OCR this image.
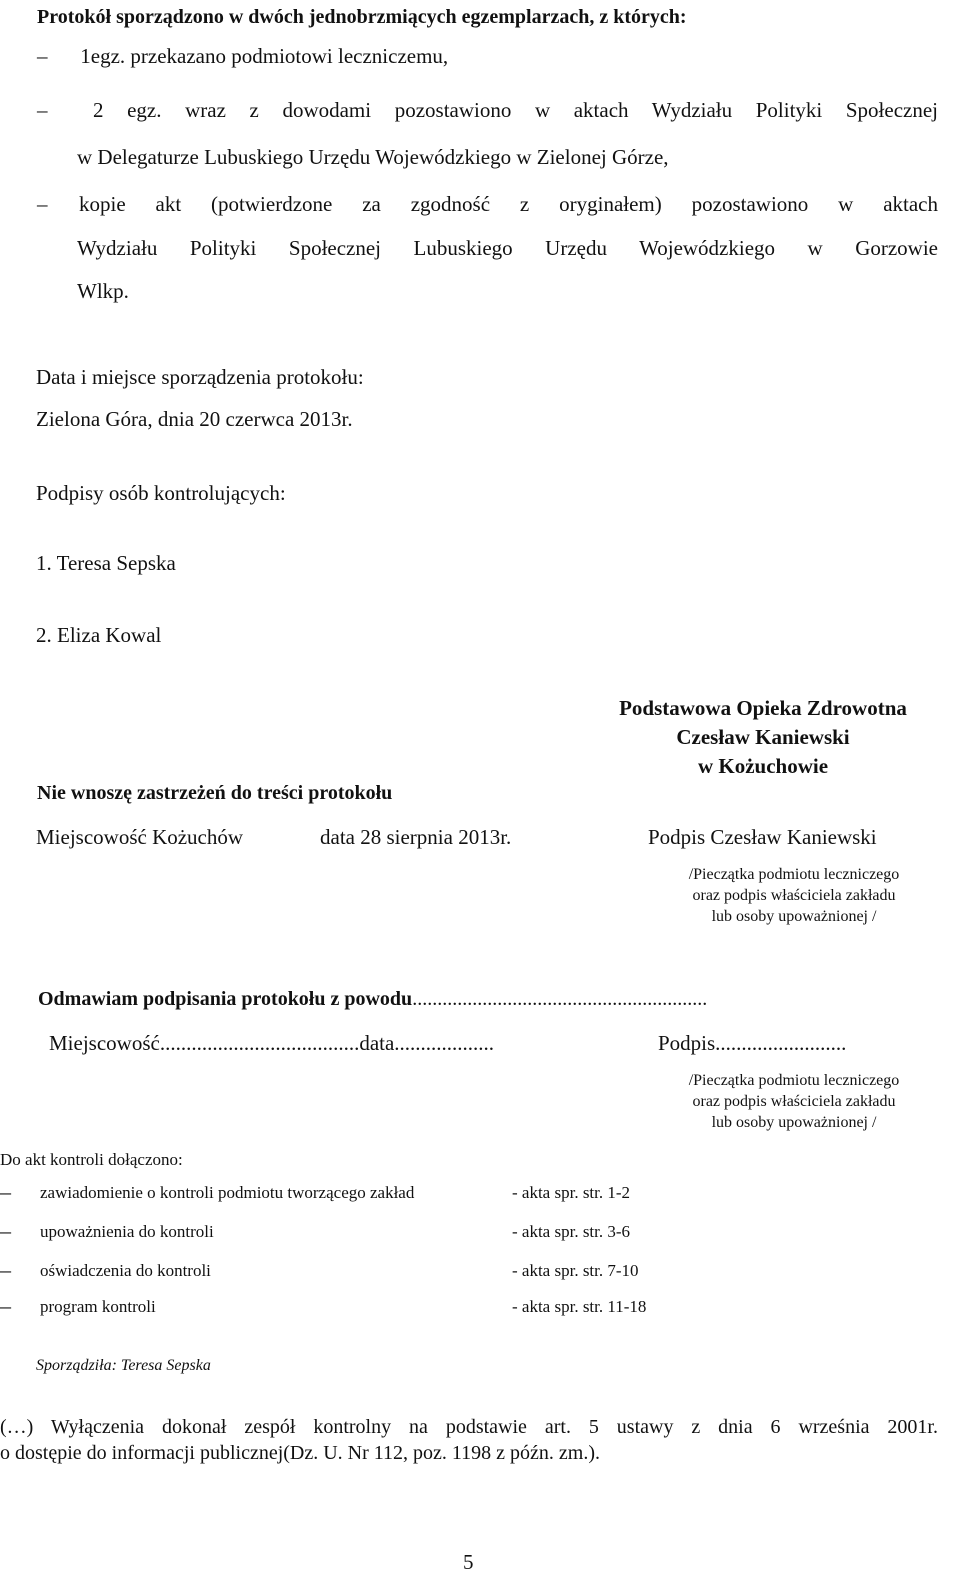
Protokół sporządzono w dwóch jednobrzmiących egzemplarzach, z których:
– 1egz. przekazano podmiotowi leczniczemu,
– 2 egz. wraz z dowodami pozostawiono w aktach Wydziału Polityki Społecznej
w Delegaturze Lubuskiego Urzędu Wojewódzkiego w Zielonej Górze,
– kopie akt (potwierdzone za zgodność z oryginałem) pozostawiono w aktach
Wydziału Polityki Społecznej Lubuskiego Urzędu Wojewódzkiego w Gorzowie
Wlkp.
Data i miejsce sporządzenia protokołu:
Zielona Góra, dnia 20 czerwca 2013r.
Podpisy osób kontrolujących:
1. Teresa Sepska
2. Eliza Kowal
Podstawowa Opieka Zdrowotna
Czesław Kaniewski
w Kożuchowie
Nie wnoszę zastrzeżeń do treści protokołu
Miejscowość Kożuchów	data 28 sierpnia 2013r.	Podpis Czesław Kaniewski
/Pieczątka podmiotu leczniczego
oraz podpis właściciela zakładu
lub osoby upoważnionej /
Odmawiam podpisania protokołu z powodu...........................................................
Miejscowość......................................data...................	Podpis.........................
/Pieczątka podmiotu leczniczego
oraz podpis właściciela zakładu
lub osoby upoważnionej /
Do akt kontroli dołączono:
– zawiadomienie o kontroli podmiotu tworzącego zakład	- akta spr. str. 1-2
– upoważnienia do kontroli	- akta spr. str. 3-6
– oświadczenia do kontroli	- akta spr. str. 7-10
– program kontroli	- akta spr. str. 11-18
Sporządziła: Teresa Sepska
(…) Wyłączenia dokonał zespół kontrolny na podstawie art. 5 ustawy z dnia 6 września 2001r.
o dostępie do informacji publicznej(Dz. U. Nr 112, poz. 1198 z późn. zm.).
5
